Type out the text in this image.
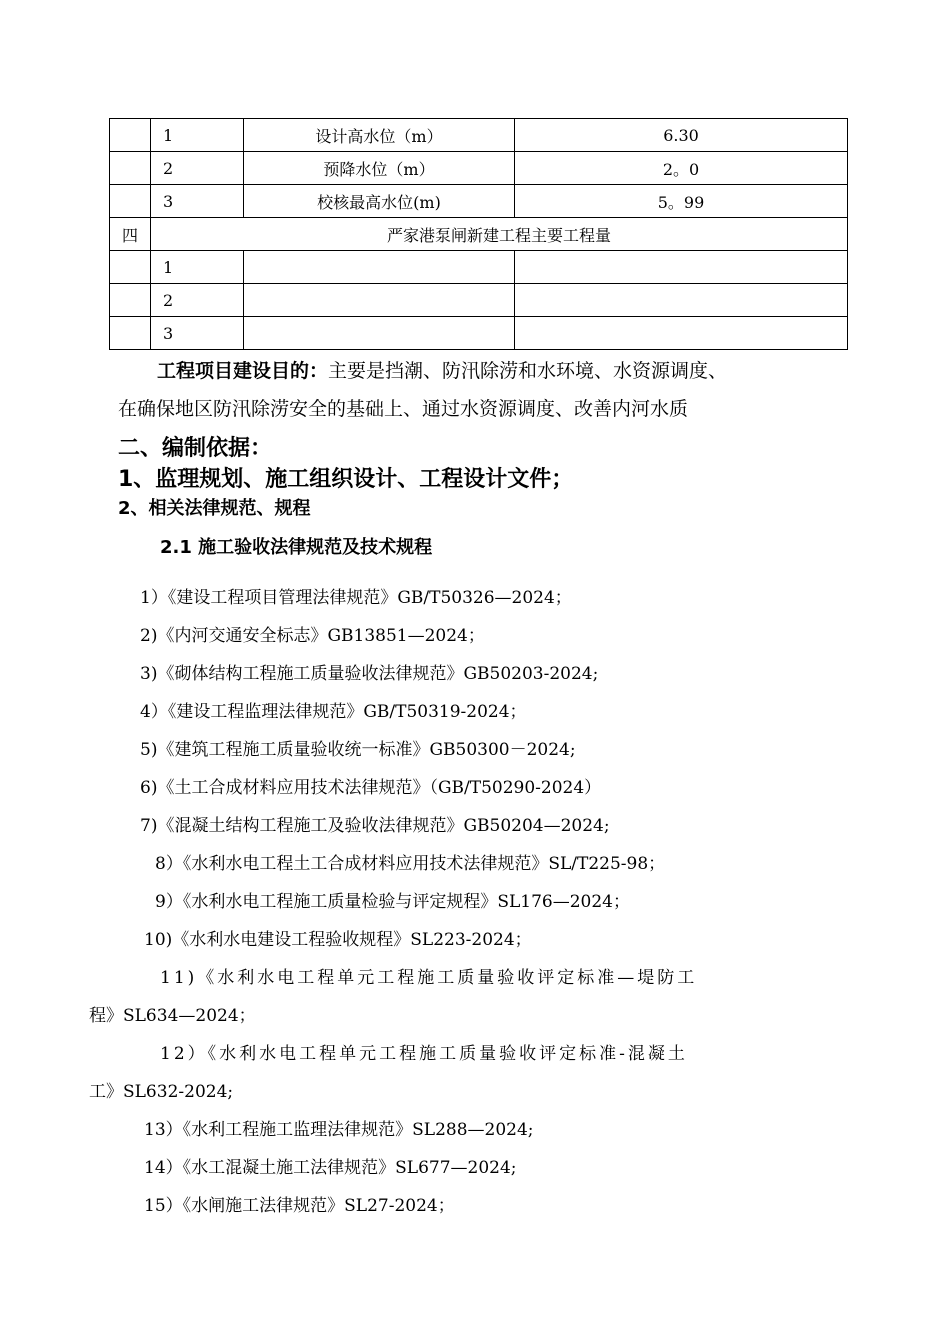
	1	设计高水位（m）	6.30
	2	预降水位（m）	2。0
	3	校核最高水位(m)	5。99
四	严家港泵闸新建工程主要工程量		
	1		
	2		
	3		
工程项目建设目的：主要是挡潮、防汛除涝和水环境、水资源调度、
在确保地区防汛除涝安全的基础上、通过水资源调度、改善内河水质
二、编制依据：
1、监理规划、施工组织设计、工程设计文件；
2、相关法律规范、规程
2.1 施工验收法律规范及技术规程
1）《建设工程项目管理法律规范》GB/T50326—2024；
2)《内河交通安全标志》GB13851—2024；
3)《砌体结构工程施工质量验收法律规范》GB50203-2024;
4）《建设工程监理法律规范》GB/T50319-2024；
5)《建筑工程施工质量验收统一标准》GB50300－2024;
6)《土工合成材料应用技术法律规范》（GB/T50290-2024）
7)《混凝土结构工程施工及验收法律规范》GB50204—2024;
8）《水利水电工程土工合成材料应用技术法律规范》SL/T225-98；
9）《水利水电工程施工质量检验与评定规程》SL176—2024；
10)《水利水电建设工程验收规程》SL223-2024；
11)《水利水电工程单元工程施工质量验收评定标准—堤防工
程》SL634—2024；
12）《水利水电工程单元工程施工质量验收评定标准-混凝土
工》SL632-2024;
13）《水利工程施工监理法律规范》SL288—2024;
14）《水工混凝土施工法律规范》SL677—2024;
15）《水闸施工法律规范》SL27-2024；
